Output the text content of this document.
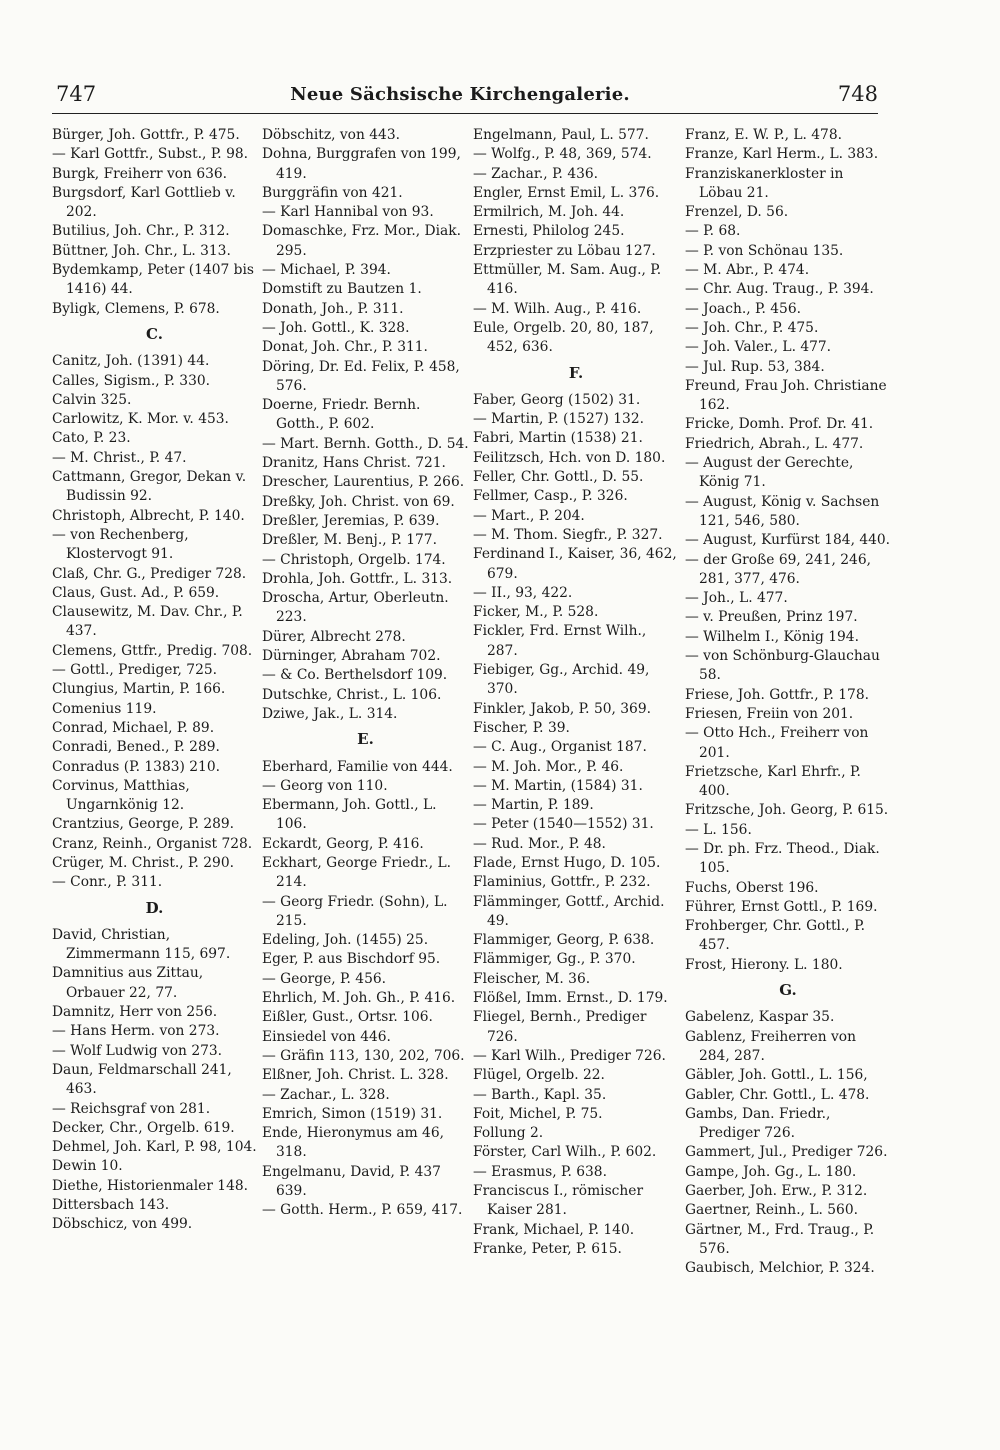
747	Neue Sächsische Kirchengalerie.	748
Bürger, Joh. Gottfr., P. 475.
— Karl Gottfr., Subst., P. 98.
Burgk, Freiherr von 636.
Burgsdorf, Karl Gottlieb v. 202.
Butilius, Joh. Chr., P. 312.
Büttner, Joh. Chr., L. 313.
Bydemkamp, Peter (1407 bis 1416) 44.
Byligk, Clemens, P. 678.
C.
Canitz, Joh. (1391) 44.
Calles, Sigism., P. 330.
Calvin 325.
Carlowitz, K. Mor. v. 453.
Cato, P. 23.
— M. Christ., P. 47.
Cattmann, Gregor, Dekan v. Budissin 92.
Christoph, Albrecht, P. 140.
— von Rechenberg, Klostervogt 91.
Claß, Chr. G., Prediger 728.
Claus, Gust. Ad., P. 659.
Clausewitz, M. Dav. Chr., P. 437.
Clemens, Gttfr., Predig. 708.
— Gottl., Prediger, 725.
Clungius, Martin, P. 166.
Comenius 119.
Conrad, Michael, P. 89.
Conradi, Bened., P. 289.
Conradus (P. 1383) 210.
Corvinus, Matthias, Ungarnkönig 12.
Crantzius, George, P. 289.
Cranz, Reinh., Organist 728.
Crüger, M. Christ., P. 290.
— Conr., P. 311.
D.
David, Christian, Zimmermann 115, 697.
Damnitius aus Zittau, Orbauer 22, 77.
Damnitz, Herr von 256.
— Hans Herm. von 273.
— Wolf Ludwig von 273.
Daun, Feldmarschall 241, 463.
— Reichsgraf von 281.
Decker, Chr., Orgelb. 619.
Dehmel, Joh. Karl, P. 98, 104.
Dewin 10.
Diethe, Historienmaler 148.
Dittersbach 143.
Döbschicz, von 499.
Döbschitz, von 443.
Dohna, Burggrafen von 199, 419.
Burggräfin von 421.
— Karl Hannibal von 93.
Domaschke, Frz. Mor., Diak. 295.
— Michael, P. 394.
Domstift zu Bautzen 1.
Donath, Joh., P. 311.
— Joh. Gottl., K. 328.
Donat, Joh. Chr., P. 311.
Döring, Dr. Ed. Felix, P. 458, 576.
Doerne, Friedr. Bernh. Gotth., P. 602.
— Mart. Bernh. Gotth., D. 54.
Dranitz, Hans Christ. 721.
Drescher, Laurentius, P. 266.
Dreßky, Joh. Christ. von 69.
Dreßler, Jeremias, P. 639.
Dreßler, M. Benj., P. 177.
— Christoph, Orgelb. 174.
Drohla, Joh. Gottfr., L. 313.
Droscha, Artur, Oberleutn. 223.
Dürer, Albrecht 278.
Dürninger, Abraham 702.
— & Co. Berthelsdorf 109.
Dutschke, Christ., L. 106.
Dziwe, Jak., L. 314.
E.
Eberhard, Familie von 444.
— Georg von 110.
Ebermann, Joh. Gottl., L. 106.
Eckardt, Georg, P. 416.
Eckhart, George Friedr., L. 214.
— Georg Friedr. (Sohn), L. 215.
Edeling, Joh. (1455) 25.
Eger, P. aus Bischdorf 95.
— George, P. 456.
Ehrlich, M. Joh. Gh., P. 416.
Eißler, Gust., Ortsr. 106.
Einsiedel von 446.
— Gräfin 113, 130, 202, 706.
Elßner, Joh. Christ. L. 328.
— Zachar., L. 328.
Emrich, Simon (1519) 31.
Ende, Hieronymus am 46, 318.
Engelmanu, David, P. 437 639.
— Gotth. Herm., P. 659, 417.
Engelmann, Paul, L. 577.
— Wolfg., P. 48, 369, 574.
— Zachar., P. 436.
Engler, Ernst Emil, L. 376.
Ermilrich, M. Joh. 44.
Ernesti, Philolog 245.
Erzpriester zu Löbau 127.
Ettmüller, M. Sam. Aug., P. 416.
— M. Wilh. Aug., P. 416.
Eule, Orgelb. 20, 80, 187, 452, 636.
F.
Faber, Georg (1502) 31.
— Martin, P. (1527) 132.
Fabri, Martin (1538) 21.
Feilitzsch, Hch. von D. 180.
Feller, Chr. Gottl., D. 55.
Fellmer, Casp., P. 326.
— Mart., P. 204.
— M. Thom. Siegfr., P. 327.
Ferdinand I., Kaiser, 36, 462, 679.
— II., 93, 422.
Ficker, M., P. 528.
Fickler, Frd. Ernst Wilh., 287.
Fiebiger, Gg., Archid. 49, 370.
Finkler, Jakob, P. 50, 369.
Fischer, P. 39.
— C. Aug., Organist 187.
— M. Joh. Mor., P. 46.
— M. Martin, (1584) 31.
— Martin, P. 189.
— Peter (1540—1552) 31.
— Rud. Mor., P. 48.
Flade, Ernst Hugo, D. 105.
Flaminius, Gottfr., P. 232.
Flämminger, Gottf., Archid. 49.
Flammiger, Georg, P. 638.
Flämmiger, Gg., P. 370.
Fleischer, M. 36.
Flößel, Imm. Ernst., D. 179.
Fliegel, Bernh., Prediger 726.
— Karl Wilh., Prediger 726.
Flügel, Orgelb. 22.
— Barth., Kapl. 35.
Foit, Michel, P. 75.
Follung 2.
Förster, Carl Wilh., P. 602.
— Erasmus, P. 638.
Franciscus I., römischer Kaiser 281.
Frank, Michael, P. 140.
Franke, Peter, P. 615.
Franz, E. W. P., L. 478.
Franze, Karl Herm., L. 383.
Franziskanerkloster in Löbau 21.
Frenzel, D. 56.
— P. 68.
— P. von Schönau 135.
— M. Abr., P. 474.
— Chr. Aug. Traug., P. 394.
— Joach., P. 456.
— Joh. Chr., P. 475.
— Joh. Valer., L. 477.
— Jul. Rup. 53, 384.
Freund, Frau Joh. Christiane 162.
Fricke, Domh. Prof. Dr. 41.
Friedrich, Abrah., L. 477.
— August der Gerechte, König 71.
— August, König v. Sachsen 121, 546, 580.
— August, Kurfürst 184, 440.
— der Große 69, 241, 246, 281, 377, 476.
— Joh., L. 477.
— v. Preußen, Prinz 197.
— Wilhelm I., König 194.
— von Schönburg-Glauchau 58.
Friese, Joh. Gottfr., P. 178.
Friesen, Freiin von 201.
— Otto Hch., Freiherr von 201.
Frietzsche, Karl Ehrfr., P. 400.
Fritzsche, Joh. Georg, P. 615.
— L. 156.
— Dr. ph. Frz. Theod., Diak. 105.
Fuchs, Oberst 196.
Führer, Ernst Gottl., P. 169.
Frohberger, Chr. Gottl., P. 457.
Frost, Hierony. L. 180.
G.
Gabelenz, Kaspar 35.
Gablenz, Freiherren von 284, 287.
Gäbler, Joh. Gottl., L. 156,
Gabler, Chr. Gottl., L. 478.
Gambs, Dan. Friedr., Prediger 726.
Gammert, Jul., Prediger 726.
Gampe, Joh. Gg., L. 180.
Gaerber, Joh. Erw., P. 312.
Gaertner, Reinh., L. 560.
Gärtner, M., Frd. Traug., P. 576.
Gaubisch, Melchior, P. 324.
